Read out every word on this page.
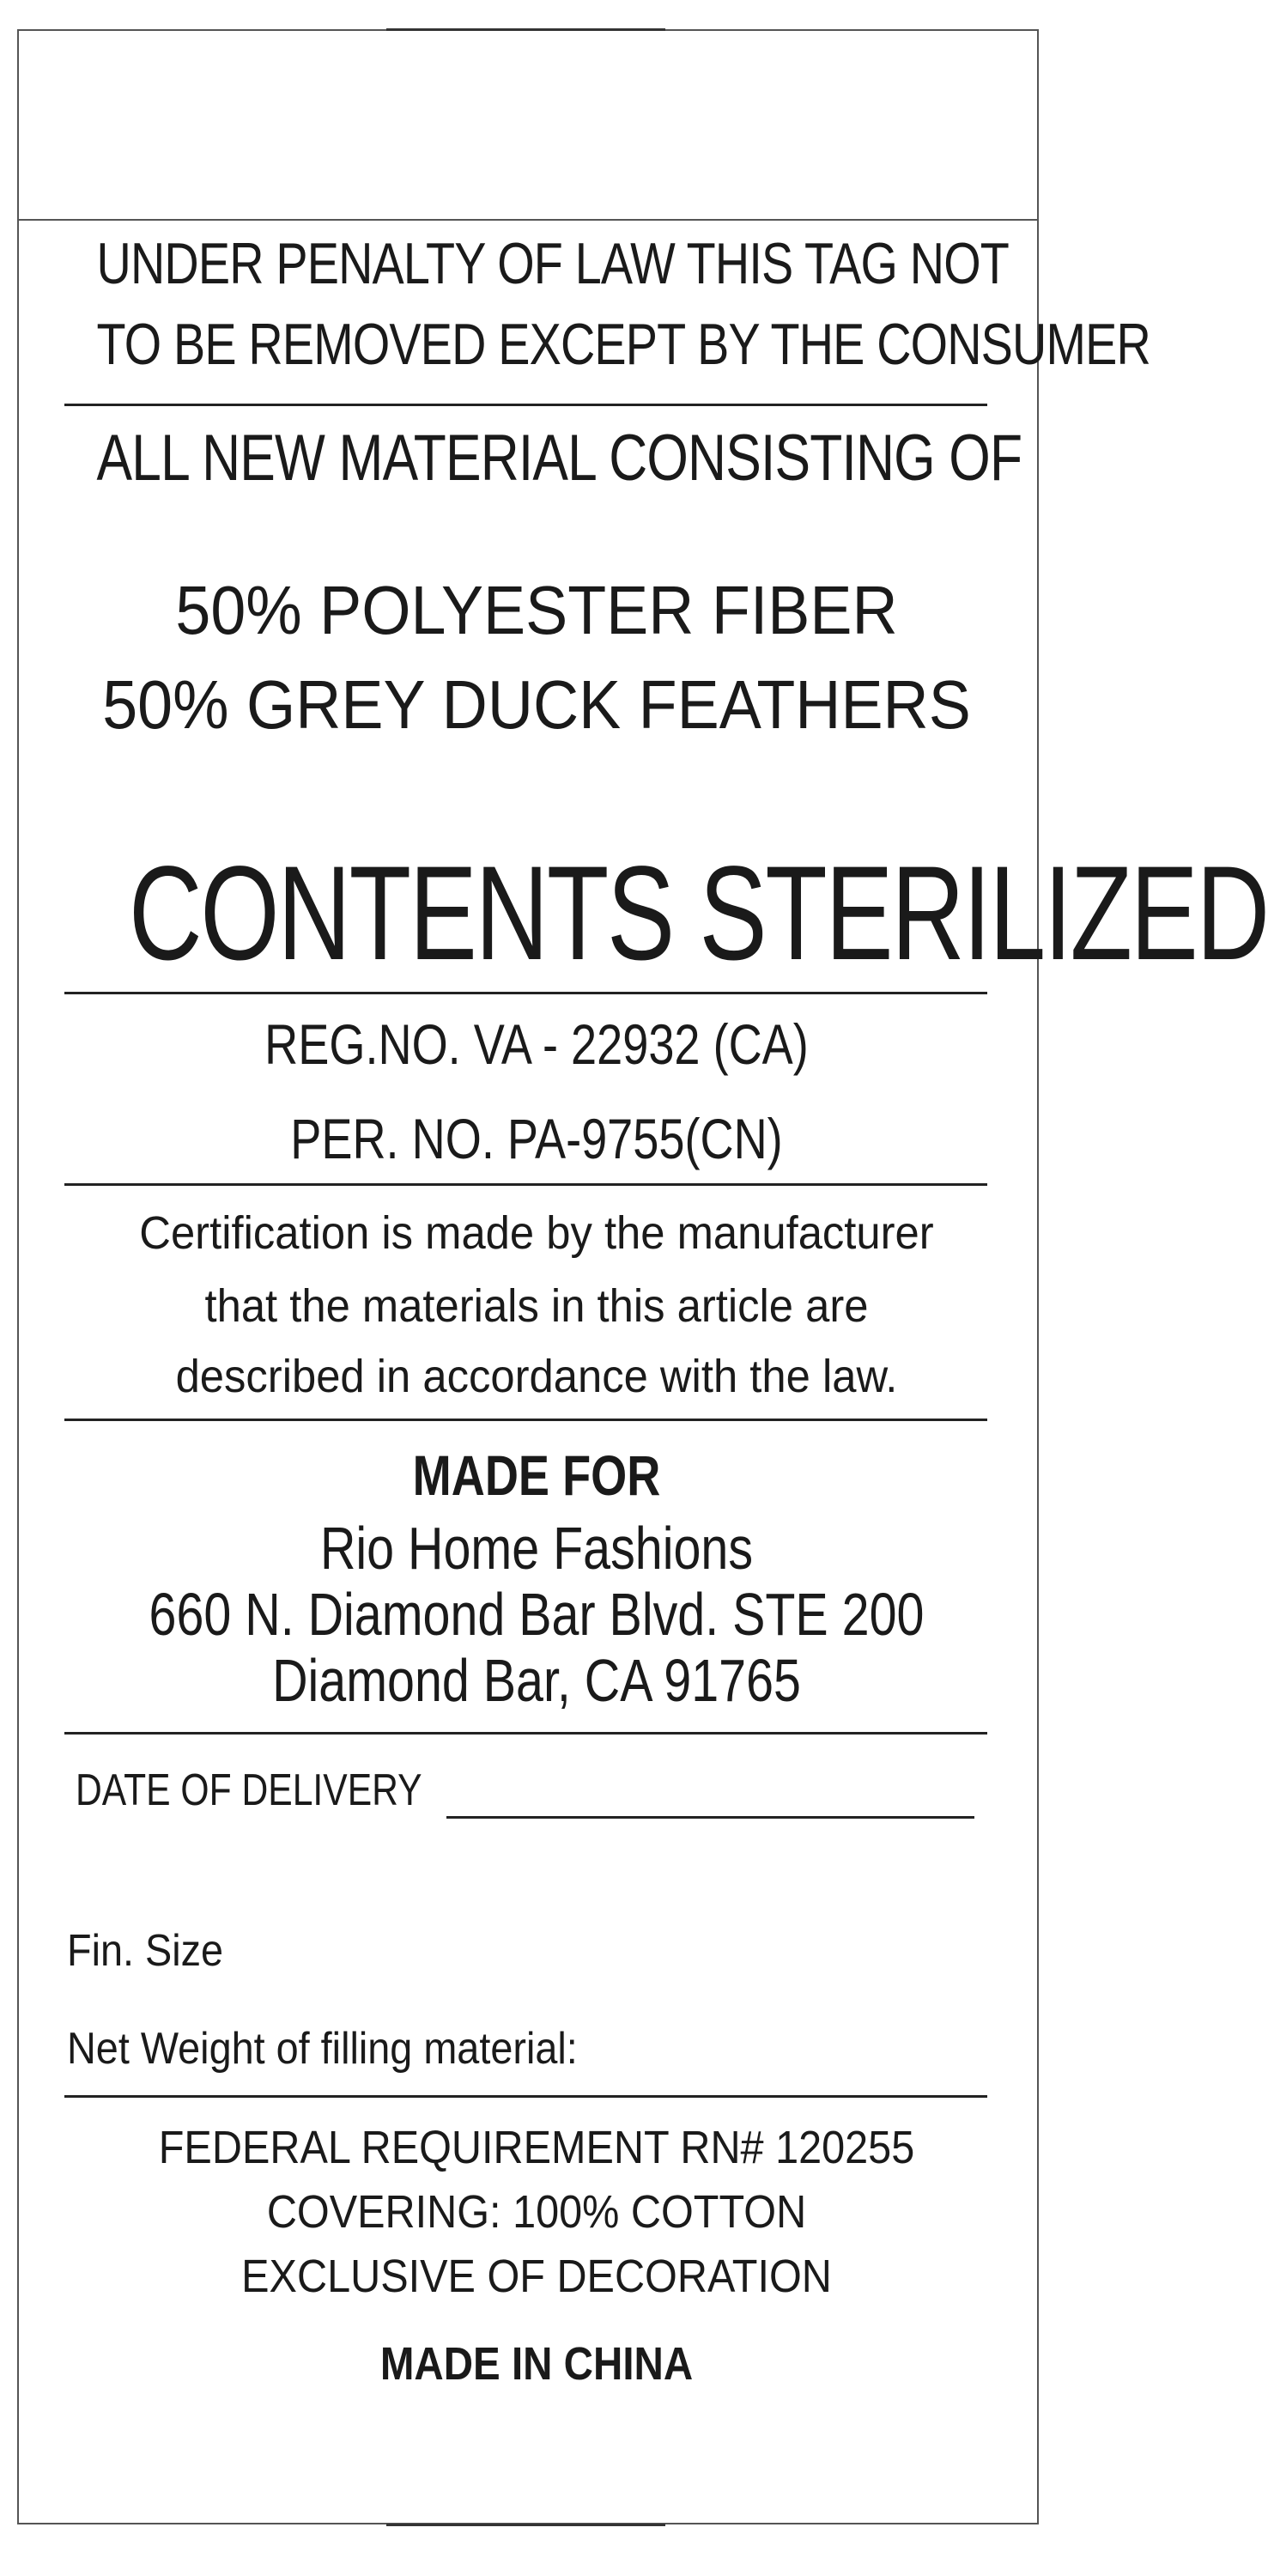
UNDER PENALTY OF LAW THIS TAG NOT
TO BE REMOVED EXCEPT BY THE CONSUMER
ALL NEW MATERIAL CONSISTING OF
50% POLYESTER FIBER
50% GREY DUCK FEATHERS
CONTENTS STERILIZED
REG.NO. VA - 22932 (CA)
PER. NO. PA-9755(CN)
Certification is made by the manufacturer
that the materials in this article are
described in accordance with the law.
MADE FOR
Rio Home Fashions
660 N. Diamond Bar Blvd. STE 200
Diamond Bar, CA 91765
DATE OF DELIVERY
Fin. Size
Net Weight of filling material:
FEDERAL REQUIREMENT RN# 120255
COVERING: 100% COTTON
EXCLUSIVE OF DECORATION
MADE IN CHINA
